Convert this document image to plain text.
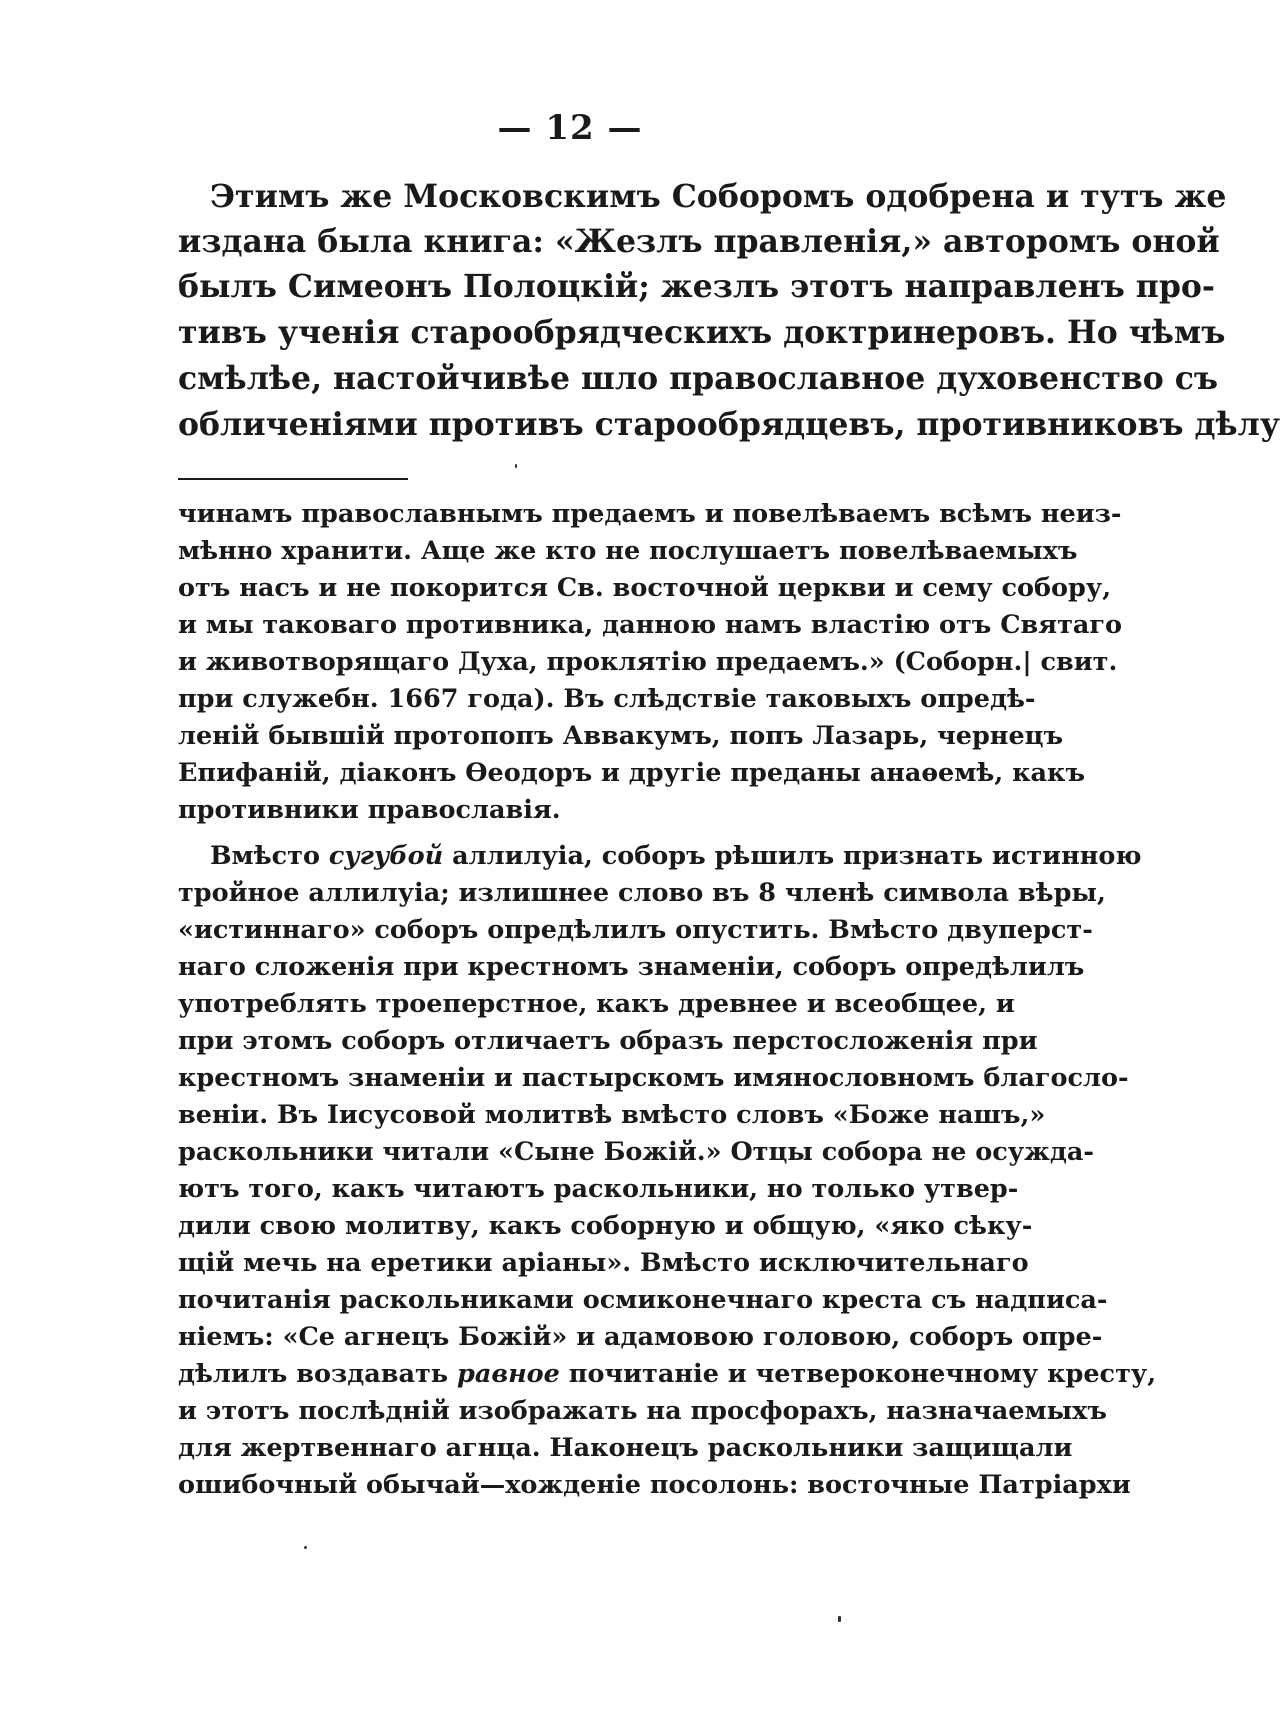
— 12 —
Этимъ же Московскимъ Соборомъ одобрена и тутъ же
издана была книга: «Жезлъ правленія,» авторомъ оной
былъ Симеонъ Полоцкій; жезлъ этотъ направленъ про-
тивъ ученія старообрядческихъ доктринеровъ. Но чѣмъ
смѣлѣе, настойчивѣе шло православное духовенство съ
обличеніями противъ старообрядцевъ, противниковъ дѣлу
чинамъ православнымъ предаемъ и повелѣваемъ всѣмъ неиз-
мѣнно хранити. Аще же кто не послушаетъ повелѣваемыхъ
отъ насъ и не покорится Св. восточной церкви и сему собору,
и мы таковаго противника, данною намъ властію отъ Святаго
и животворящаго Духа, проклятію предаемъ.» (Соборн.| свит.
при служебн. 1667 года). Въ слѣдствіе таковыхъ опредѣ-
леній бывшій протопопъ Аввакумъ, попъ Лазарь, чернецъ
Епифаній, діаконъ Ѳеодоръ и другіе преданы анаѳемѣ, какъ
противники православія.
Вмѣсто сугубой аллилуіа, соборъ рѣшилъ признать истинною
тройное аллилуіа; излишнее слово въ 8 членѣ символа вѣры,
«истиннаго» соборъ опредѣлилъ опустить. Вмѣсто двуперст-
наго сложенія при крестномъ знаменіи, соборъ опредѣлилъ
употреблять троеперстное, какъ древнее и всеобщее, и
при этомъ соборъ отличаетъ образъ перстосложенія при
крестномъ знаменіи и пастырскомъ имянословномъ благосло-
веніи. Въ Іисусовой молитвѣ вмѣсто словъ «Боже нашъ,»
раскольники читали «Сыне Божій.» Отцы собора не осужда-
ютъ того, какъ читаютъ раскольники, но только утвер-
дили свою молитву, какъ соборную и общую, «яко сѣку-
щій мечь на еретики аріаны». Вмѣсто исключительнаго
почитанія раскольниками осмиконечнаго креста съ надписа-
ніемъ: «Се агнецъ Божій» и адамовою головою, соборъ опре-
дѣлилъ воздавать равное почитаніе и четвероконечному кресту,
и этотъ послѣдній изображать на просфорахъ, назначаемыхъ
для жертвеннаго агнца. Наконецъ раскольники защищали
ошибочный обычай—хожденіе посолонь: восточные Патріархи
